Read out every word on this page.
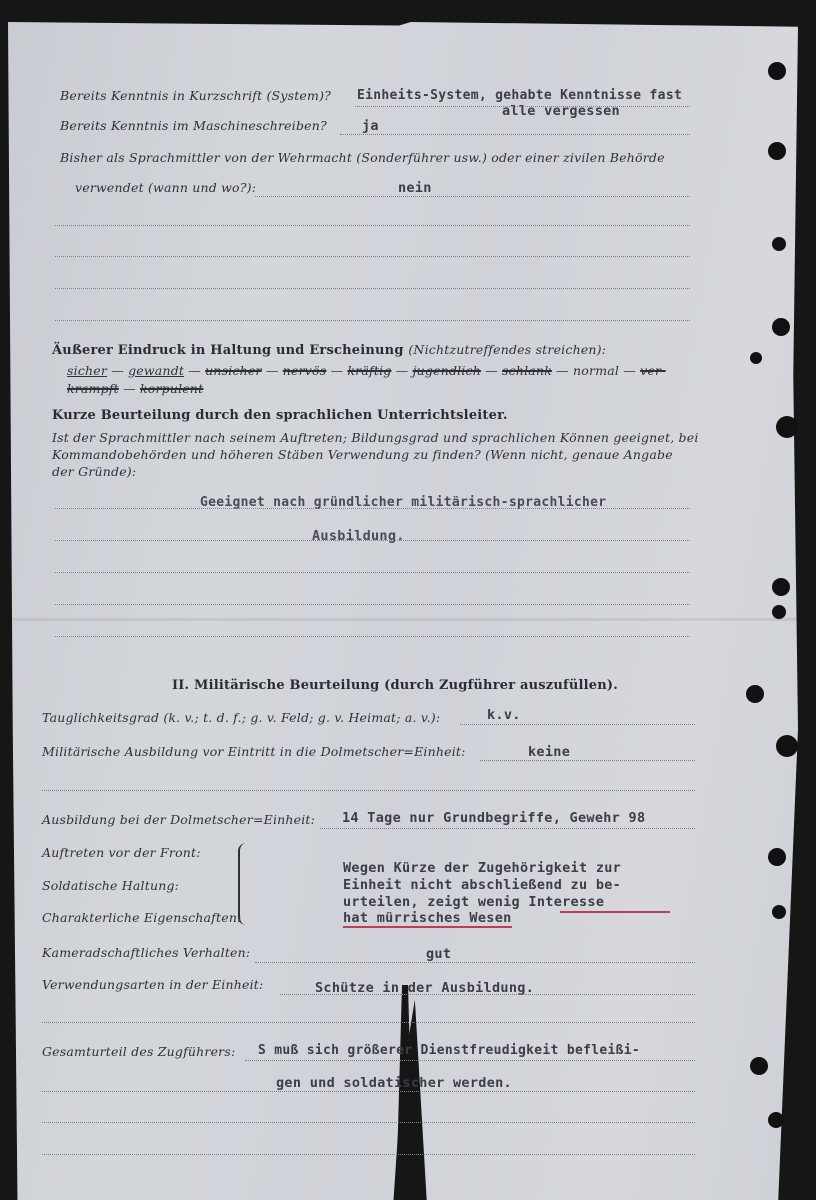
Bereits Kenntnis in Kurzschrift (System)? Einheits-System, gehabte Kenntnisse fast
alle vergessen
Bereits Kenntnis im Maschineschreiben?	ja
Bisher als Sprachmittler von der Wehrmacht (Sonderführer usw.) oder einer zivilen Behörde
verwendet (wann und wo?):	nein
Äußerer Eindruck in Haltung und Erscheinung (Nichtzutreffendes streichen):
sicher — gewandt — unsicher — nervös — kräftig — jugendlich — schlank — normal — ver-
krampft — korpulent
Kurze Beurteilung durch den sprachlichen Unterrichtsleiter.
Ist der Sprachmittler nach seinem Auftreten; Bildungsgrad und sprachlichen Können geeignet, bei
Kommandobehörden und höheren Stäben Verwendung zu finden? (Wenn nicht, genaue Angabe
der Gründe):
Geeignet nach gründlicher militärisch-sprachlicher
Ausbildung.
II. Militärische Beurteilung (durch Zugführer auszufüllen).
Tauglichkeitsgrad (k. v.; t. d. f.; g. v. Feld; g. v. Heimat; a. v.):	k.v.
Militärische Ausbildung vor Eintritt in die Dolmetscher=Einheit:	keine
Ausbildung bei der Dolmetscher=Einheit: 14 Tage nur Grundbegriffe, Gewehr 98
Auftreten vor der Front:
Soldatische Haltung:
Charakterliche Eigenschaften:
Wegen Kürze der Zugehörigkeit zur
Einheit nicht abschließend zu be-
urteilen, zeigt wenig Interesse
hat mürrisches Wesen
Kameradschaftliches Verhalten:	gut
Verwendungsarten in der Einheit:	Schütze in der Ausbildung.
Gesamturteil des Zugführers: S muß sich größerer Dienstfreudigkeit befleißi-
gen und soldatischer werden.
